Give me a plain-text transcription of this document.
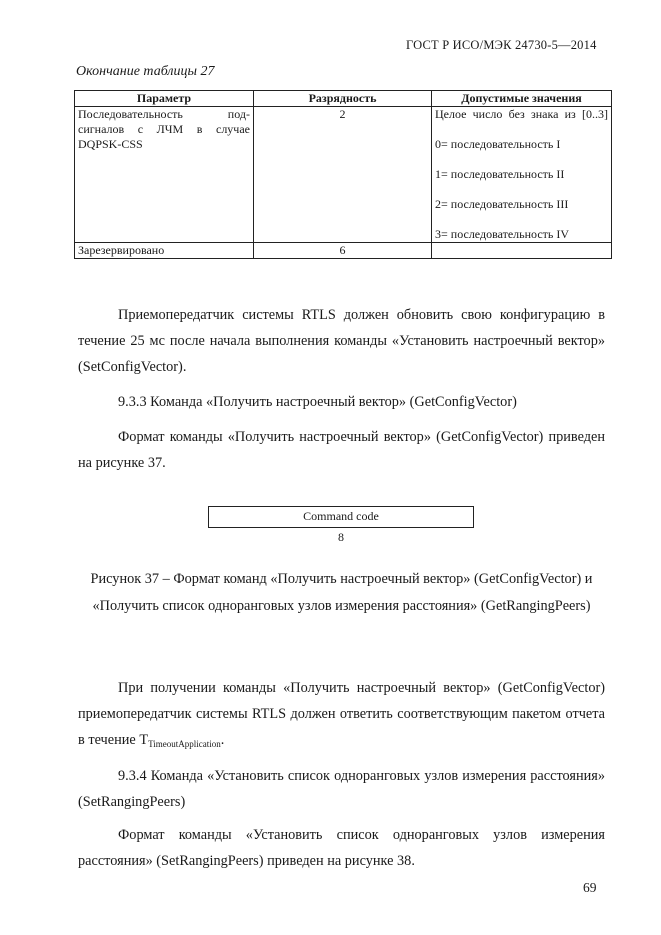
ГОСТ Р ИСО/МЭК 24730-5—2014
Окончание таблицы 27
Параметр	Разрядность	Допустимые значения
Последовательность под-сигналов с ЛЧМ в случае DQPSK-CSS	2	Целое число без знака из [0..3]
0= последовательность I
1= последовательность II
2= последовательность III
3= последовательность IV

Зарезервировано	6	
Приемопередатчик системы RTLS должен обновить свою конфигурацию в течение 25 мс после начала выполнения команды «Установить настроечный вектор» (SetConfigVector).
9.3.3 Команда «Получить настроечный вектор» (GetConfigVector)
Формат команды «Получить настроечный вектор» (GetConfigVector) приведен на рисунке 37.
Command code
8
Рисунок 37 – Формат команд «Получить настроечный вектор» (GetConfigVector) и «Получить список одноранговых узлов измерения расстояния» (GetRangingPeers)
При получении команды «Получить настроечный вектор» (GetConfigVector) приемопередатчик системы RTLS должен ответить соответствующим пакетом отчета в течение $T_{TimeoutApplication}$.
9.3.4 Команда «Установить список одноранговых узлов измерения расстояния» (SetRangingPeers)
Формат команды «Установить список одноранговых узлов измерения расстояния» (SetRangingPeers) приведен на рисунке 38.
69
